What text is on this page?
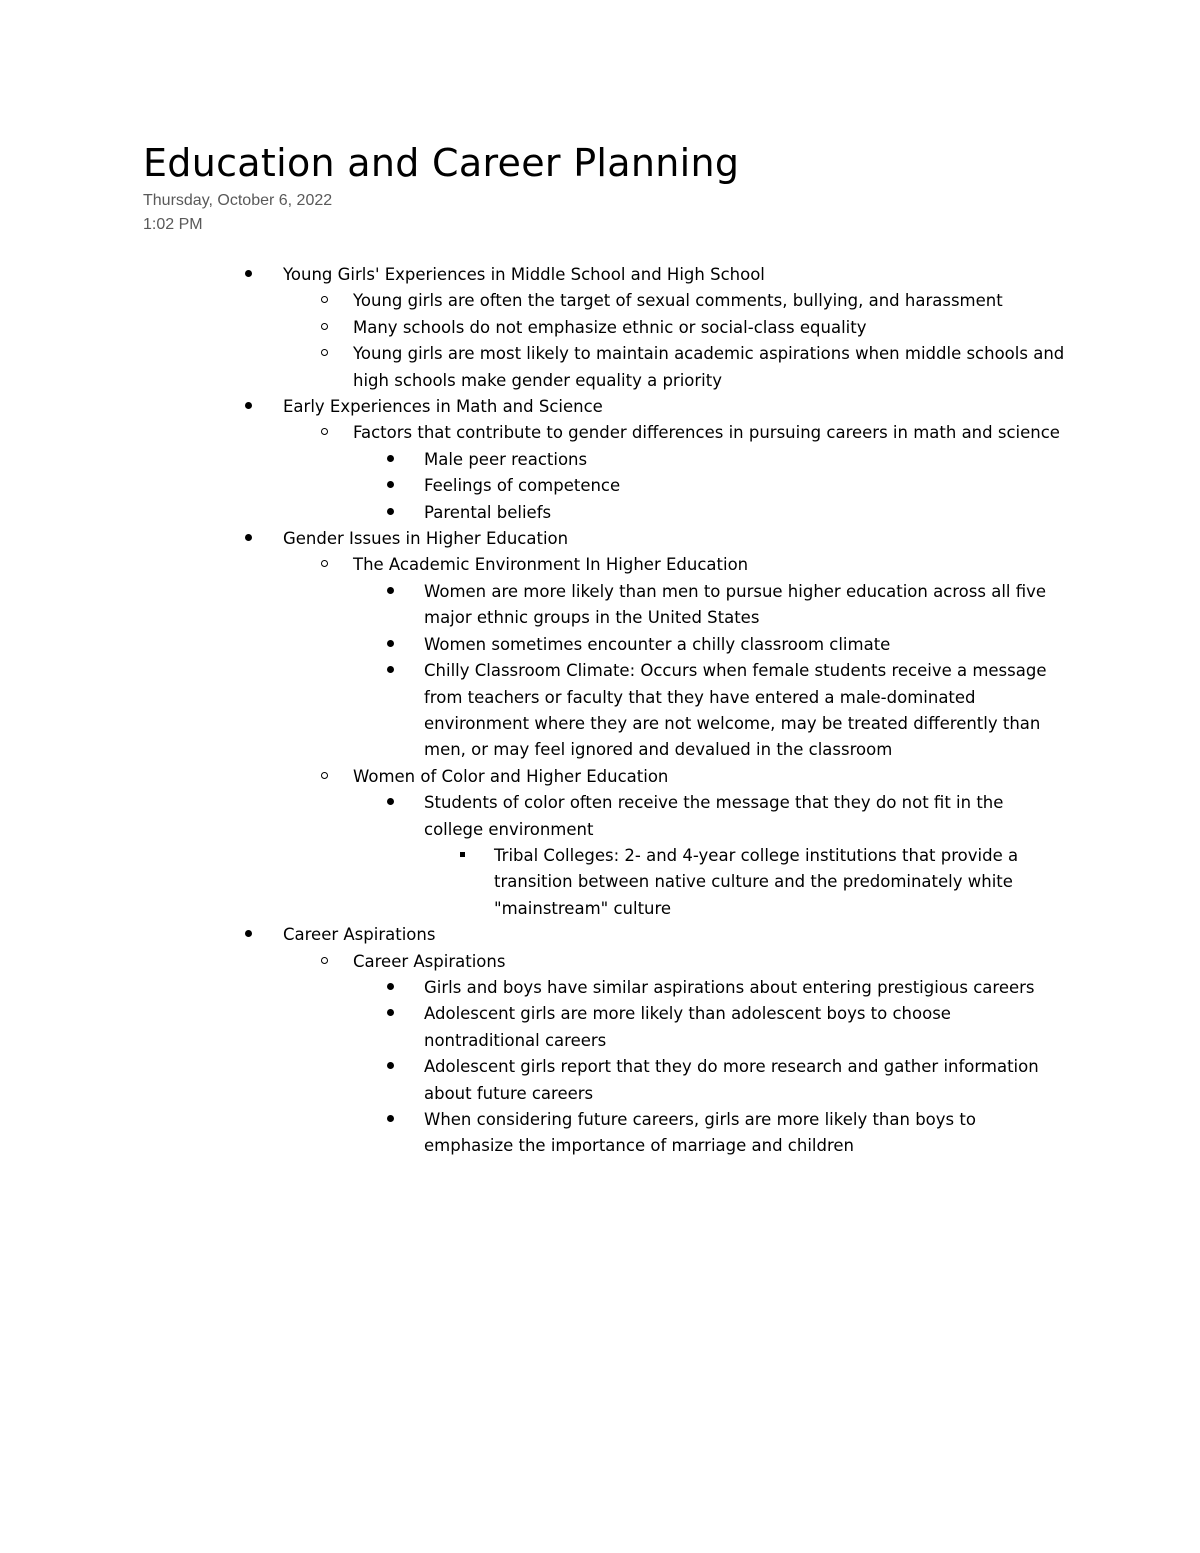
Education and Career Planning
Thursday, October 6, 2022
1:02 PM
Young Girls' Experiences in Middle School and High School
Young girls are often the target of sexual comments, bullying, and harassment
Many schools do not emphasize ethnic or social-class equality
Young girls are most likely to maintain academic aspirations when middle schools and high schools make gender equality a priority
Early Experiences in Math and Science
Factors that contribute to gender differences in pursuing careers in math and science
Male peer reactions
Feelings of competence
Parental beliefs
Gender Issues in Higher Education
The Academic Environment In Higher Education
Women are more likely than men to pursue higher education across all five major ethnic groups in the United States
Women sometimes encounter a chilly classroom climate
Chilly Classroom Climate: Occurs when female students receive a message from teachers or faculty that they have entered a male-dominated environment where they are not welcome, may be treated differently than men, or may feel ignored and devalued in the classroom
Women of Color and Higher Education
Students of color often receive the message that they do not fit in the college environment
Tribal Colleges: 2- and 4-year college institutions that provide a transition between native culture and the predominately white "mainstream" culture
Career Aspirations
Career Aspirations
Girls and boys have similar aspirations about entering prestigious careers
Adolescent girls are more likely than adolescent boys to choose nontraditional careers
Adolescent girls report that they do more research and gather information about future careers
When considering future careers, girls are more likely than boys to emphasize the importance of marriage and children
